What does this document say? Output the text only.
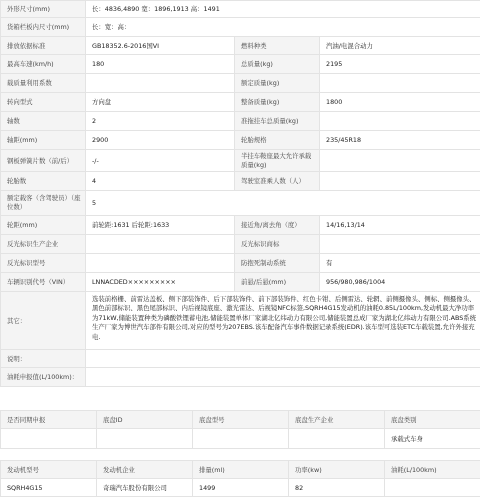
外形尺寸(mm)	长：4836,4890 宽：1896,1913 高：1491		
货箱栏板内尺寸(mm)	长：宽：高：		
排放依据标准	GB18352.6-2016国VI	燃料种类	汽油/电混合动力
最高车速(km/h)	180	总质量(kg)	2195
载质量利用系数		额定质量(kg)	
转向型式	方向盘	整备质量(kg)	1800
轴数	2	准拖挂车总质量(kg)	
轴距(mm)	2900	轮胎规格	235/45R18
钢板弹簧片数（前/后）	-/-	半挂车鞍座最大允许承载质量(kg)	
轮胎数	4	驾驶室准乘人数（人）	
额定载客（含驾驶员）（座位数）	5		
轮距(mm)	前轮距:1631 后轮距:1633	接近角/离去角（度）	14/16,13/14
反光标识生产企业		反光标识商标	
反光标识型号		防抱死制动系统	有
车辆识别代号（VIN）	LNNACDED×××××××××	前悬/后悬(mm)	956/980,986/1004
其它：	选装前格栅、前雷达盖板、侧下部装饰件、后下部装饰件、前下部装饰件、红色卡钳、后侧雷达、轮辋、前侧摄像头、侧标、侧摄像头、黑色前部标识、黑色尾部标识、内后视镜底座、激光雷达、后视镜NFC标签,SQRH4G15发动机的油耗0.85L/100km,发动机最大净功率为71kW,储能装置种类为磷酸铁锂蓄电池,储能装置单体厂家湖北亿纬动力有限公司,储能装置总成厂家为湖北亿纬动力有限公司.ABS系统生产厂家为博世汽车部件有限公司,对应的型号为207EBS.该车配备汽车事件数据记录系统(EDR).该车型可选装ETC车载装置,允许外接充电.		
说明：			
油耗申报值(L/100km)：			
是否同期申报	底盘ID	底盘型号	底盘生产企业	底盘类别
				承载式车身
发动机型号	发动机企业	排量(ml)	功率(kw)	油耗(L/100km)
SQRH4G15	奇瑞汽车股份有限公司	1499	82	
